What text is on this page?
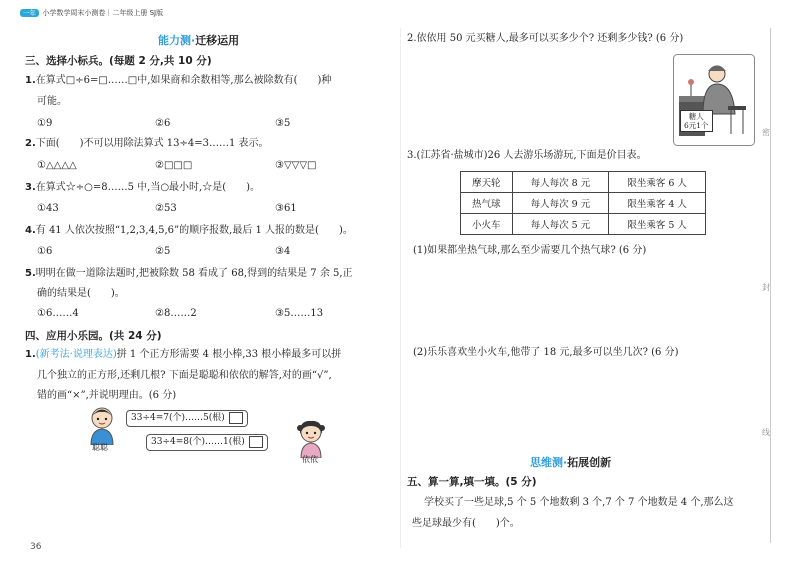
一年 小学数学周末小测卷｜二年级上册 SJ版
能力测·迁移运用
三、选择小标兵。(每题 2 分,共 10 分)
1.在算式□÷6=□……□中,如果商和余数相等,那么被除数有(　　)种
可能。
①9	②6	③5
2.下面(　　)不可以用除法算式 13÷4=3……1 表示。
①△△△△	②□□□	③▽▽▽□
3.在算式☆÷○=8……5 中,当○最小时,☆是(　　)。
①43	②53	③61
4.有 41 人依次按照“1,2,3,4,5,6”的顺序报数,最后 1 人报的数是(　　)。
①6	②5	③4
5.明明在做一道除法题时,把被除数 58 看成了 68,得到的结果是 7 余 5,正
确的结果是(　　)。
①6……4	②8……2	③5……13
四、应用小乐园。(共 24 分)
1.(新考法·说理表达)拼 1 个正方形需要 4 根小棒,33 根小棒最多可以拼
几个独立的正方形,还剩几根? 下面是聪聪和依依的解答,对的画“√”,
错的画“×”,并说明理由。(6 分)
聪聪
33÷4=7(个)……5(根)
33÷4=8(个)……1(根)
依依
36
2.依依用 50 元买糖人,最多可以买多少个? 还剩多少钱? (6 分)
糖人
6元1个
3.(江苏省·盐城市)26 人去游乐场游玩,下面是价目表。
摩天轮	每人每次 8 元	限坐乘客 6 人
热气球	每人每次 9 元	限坐乘客 4 人
小火车	每人每次 5 元	限坐乘客 5 人
(1)如果都坐热气球,那么至少需要几个热气球? (6 分)
(2)乐乐喜欢坐小火车,他带了 18 元,最多可以坐几次? (6 分)
思维测·拓展创新
五、算一算,填一填。(5 分)
学校买了一些足球,5 个 5 个地数剩 3 个,7 个 7 个地数是 4 个,那么这
些足球最少有(　　)个。
密
封
线
